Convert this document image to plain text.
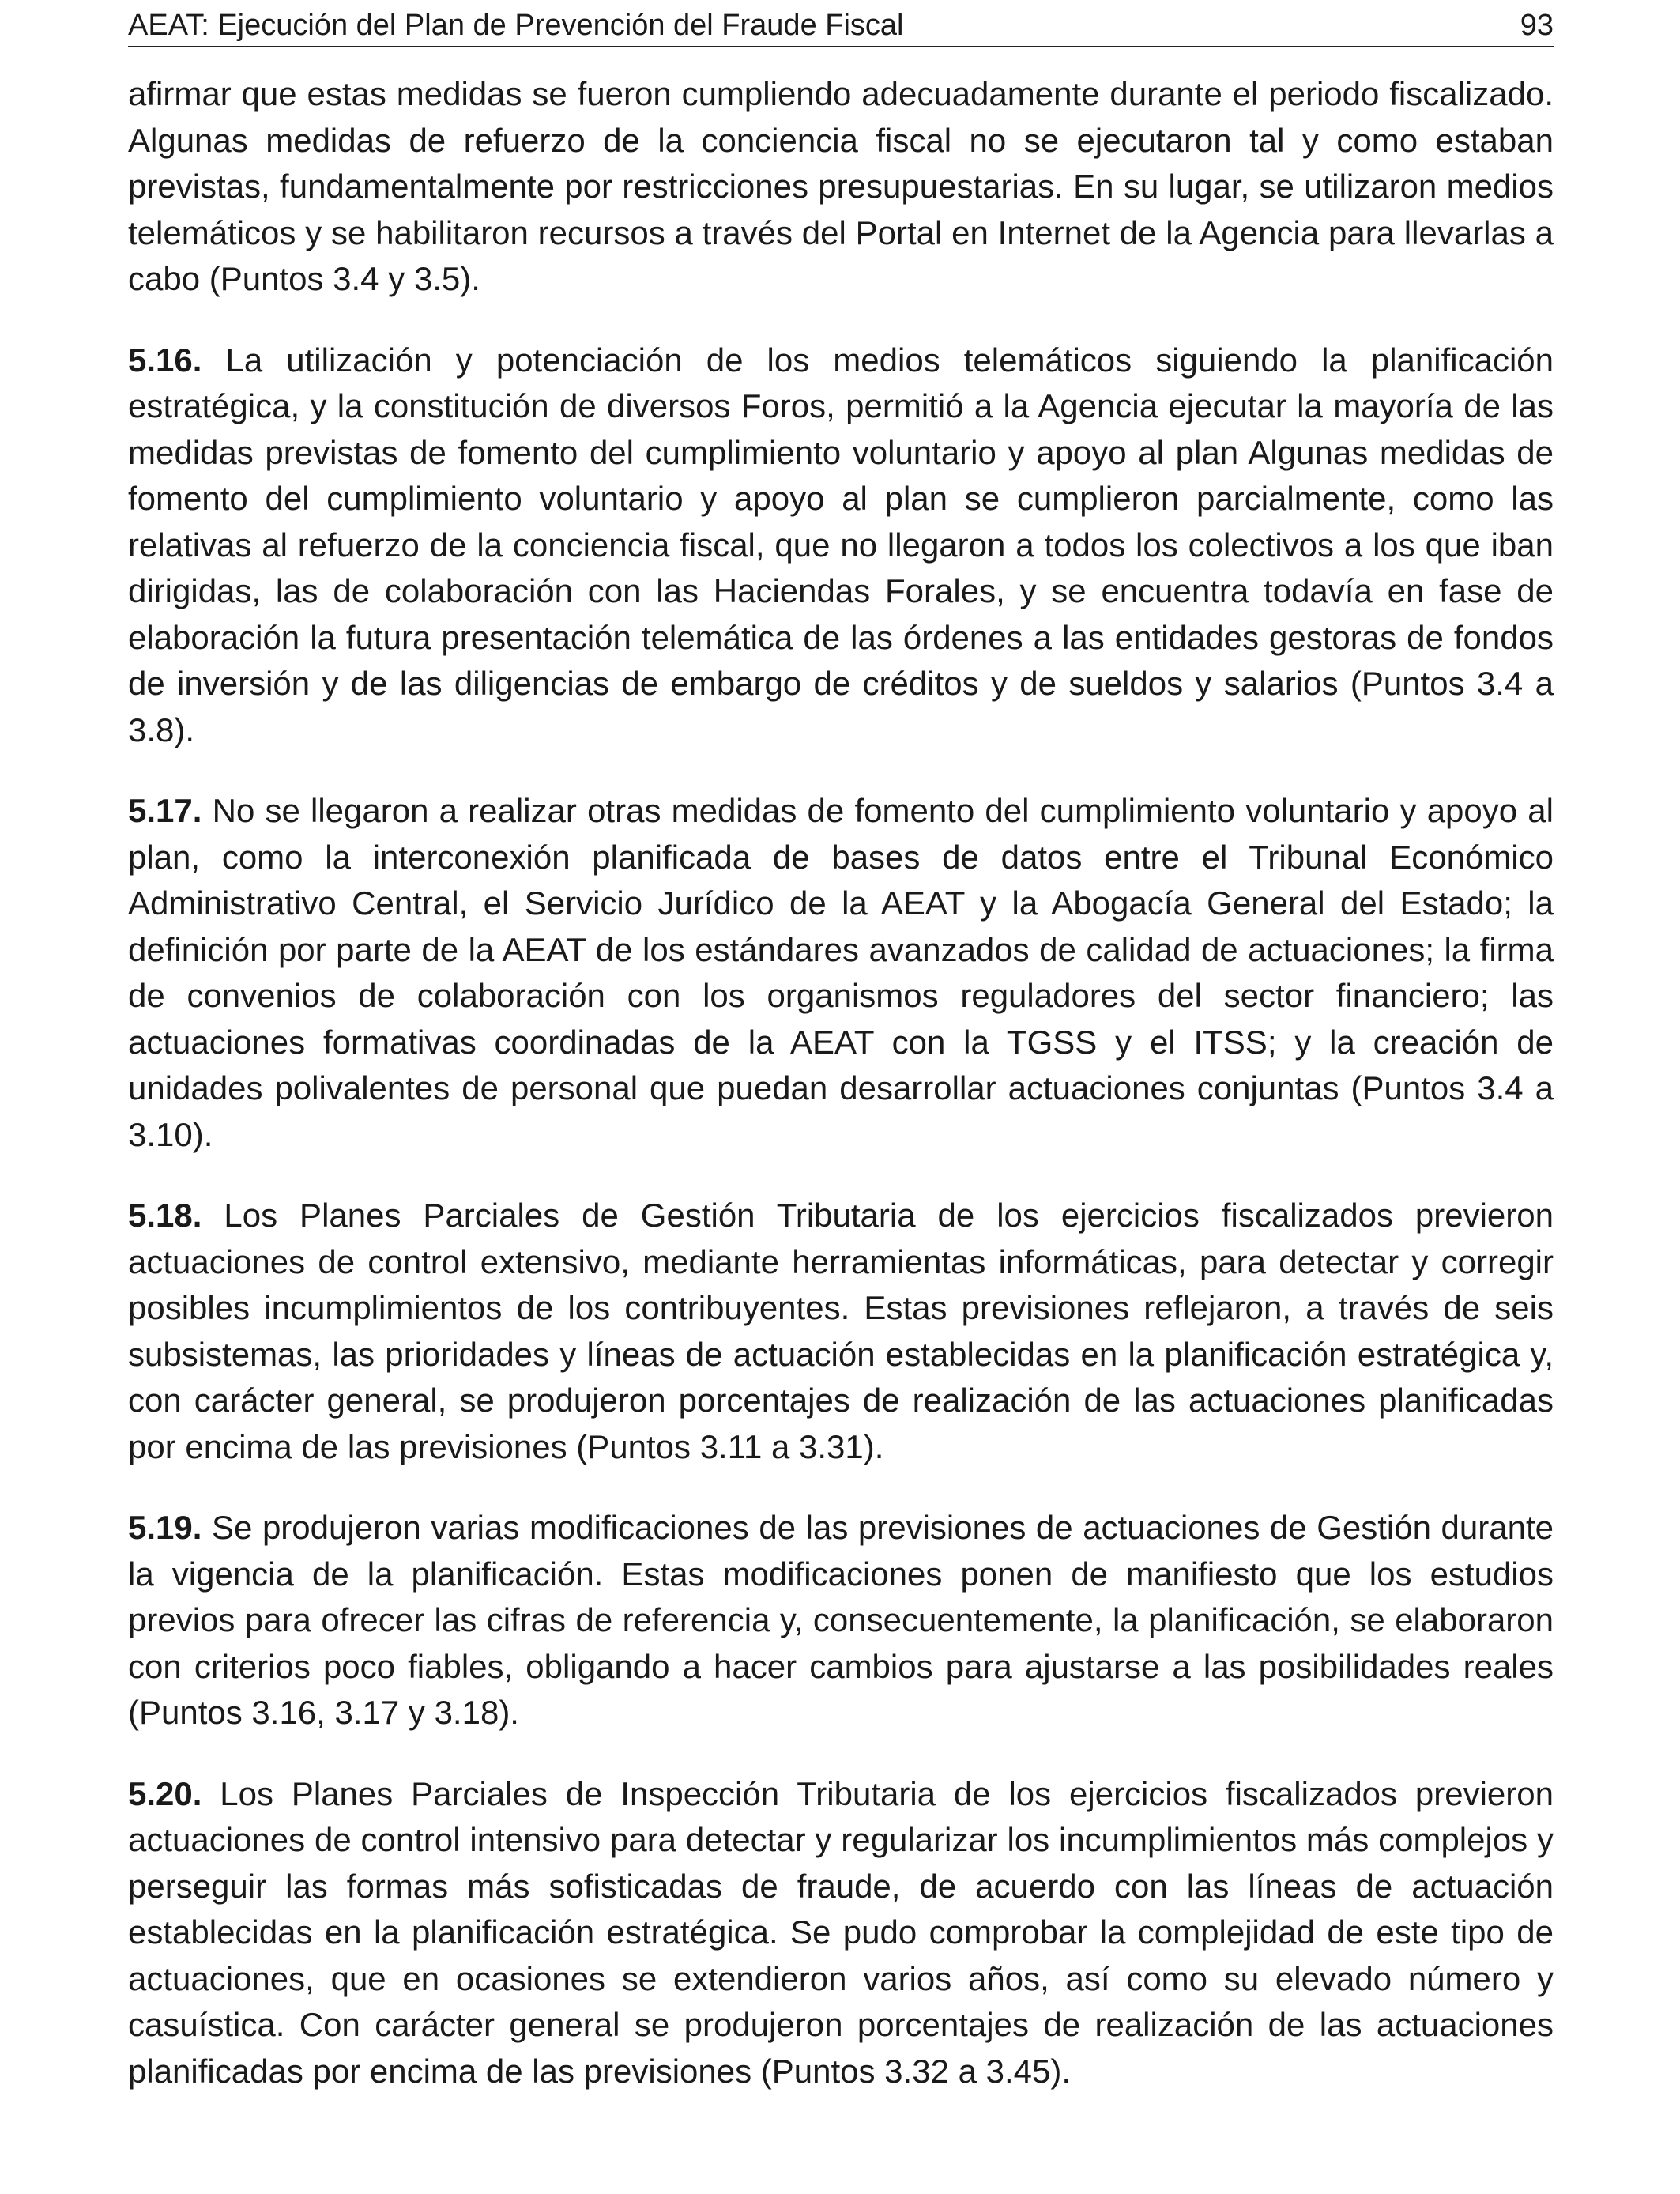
AEAT: Ejecución del Plan de Prevención del Fraude Fiscal	93

afirmar que estas medidas se fueron cumpliendo adecuadamente durante el periodo fiscalizado. Algunas medidas de refuerzo de la conciencia fiscal no se ejecutaron tal y como estaban previstas, fundamentalmente por restricciones presupuestarias. En su lugar, se utilizaron medios telemáticos y se habilitaron recursos a través del Portal en Internet de la Agencia para llevarlas a cabo (Puntos 3.4 y 3.5).

5.16. La utilización y potenciación de los medios telemáticos siguiendo la planificación estratégica, y la constitución de diversos Foros, permitió a la Agencia ejecutar la mayoría de las medidas previstas de fomento del cumplimiento voluntario y apoyo al plan Algunas medidas de fomento del cumplimiento voluntario y apoyo al plan se cumplieron parcialmente, como las relativas al refuerzo de la conciencia fiscal, que no llegaron a todos los colectivos a los que iban dirigidas, las de colaboración con las Haciendas Forales, y se encuentra todavía en fase de elaboración la futura presentación telemática de las órdenes a las entidades gestoras de fondos de inversión y de las diligencias de embargo de créditos y de sueldos y salarios (Puntos 3.4 a 3.8).

5.17. No se llegaron a realizar otras medidas de fomento del cumplimiento voluntario y apoyo al plan, como la interconexión planificada de bases de datos entre el Tribunal Económico Administrativo Central, el Servicio Jurídico de la AEAT y la Abogacía General del Estado; la definición por parte de la AEAT de los estándares avanzados de calidad de actuaciones; la firma de convenios de colaboración con los organismos reguladores del sector financiero; las actuaciones formativas coordinadas de la AEAT con la TGSS y el ITSS; y la creación de unidades polivalentes de personal que puedan desarrollar actuaciones conjuntas (Puntos 3.4 a 3.10).

5.18. Los Planes Parciales de Gestión Tributaria de los ejercicios fiscalizados previeron actuaciones de control extensivo, mediante herramientas informáticas, para detectar y corregir posibles incumplimientos de los contribuyentes. Estas previsiones reflejaron, a través de seis subsistemas, las prioridades y líneas de actuación establecidas en la planificación estratégica y, con carácter general, se produjeron porcentajes de realización de las actuaciones planificadas por encima de las previsiones (Puntos 3.11 a 3.31).

5.19. Se produjeron varias modificaciones de las previsiones de actuaciones de Gestión durante la vigencia de la planificación. Estas modificaciones ponen de manifiesto que los estudios previos para ofrecer las cifras de referencia y, consecuentemente, la planificación, se elaboraron con criterios poco fiables, obligando a hacer cambios para ajustarse a las posibilidades reales (Puntos 3.16, 3.17 y 3.18).

5.20. Los Planes Parciales de Inspección Tributaria de los ejercicios fiscalizados previeron actuaciones de control intensivo para detectar y regularizar los incumplimientos más complejos y perseguir las formas más sofisticadas de fraude, de acuerdo con las líneas de actuación establecidas en la planificación estratégica. Se pudo comprobar la complejidad de este tipo de actuaciones, que en ocasiones se extendieron varios años, así como su elevado número y casuística. Con carácter general se produjeron porcentajes de realización de las actuaciones planificadas por encima de las previsiones (Puntos 3.32 a 3.45).
